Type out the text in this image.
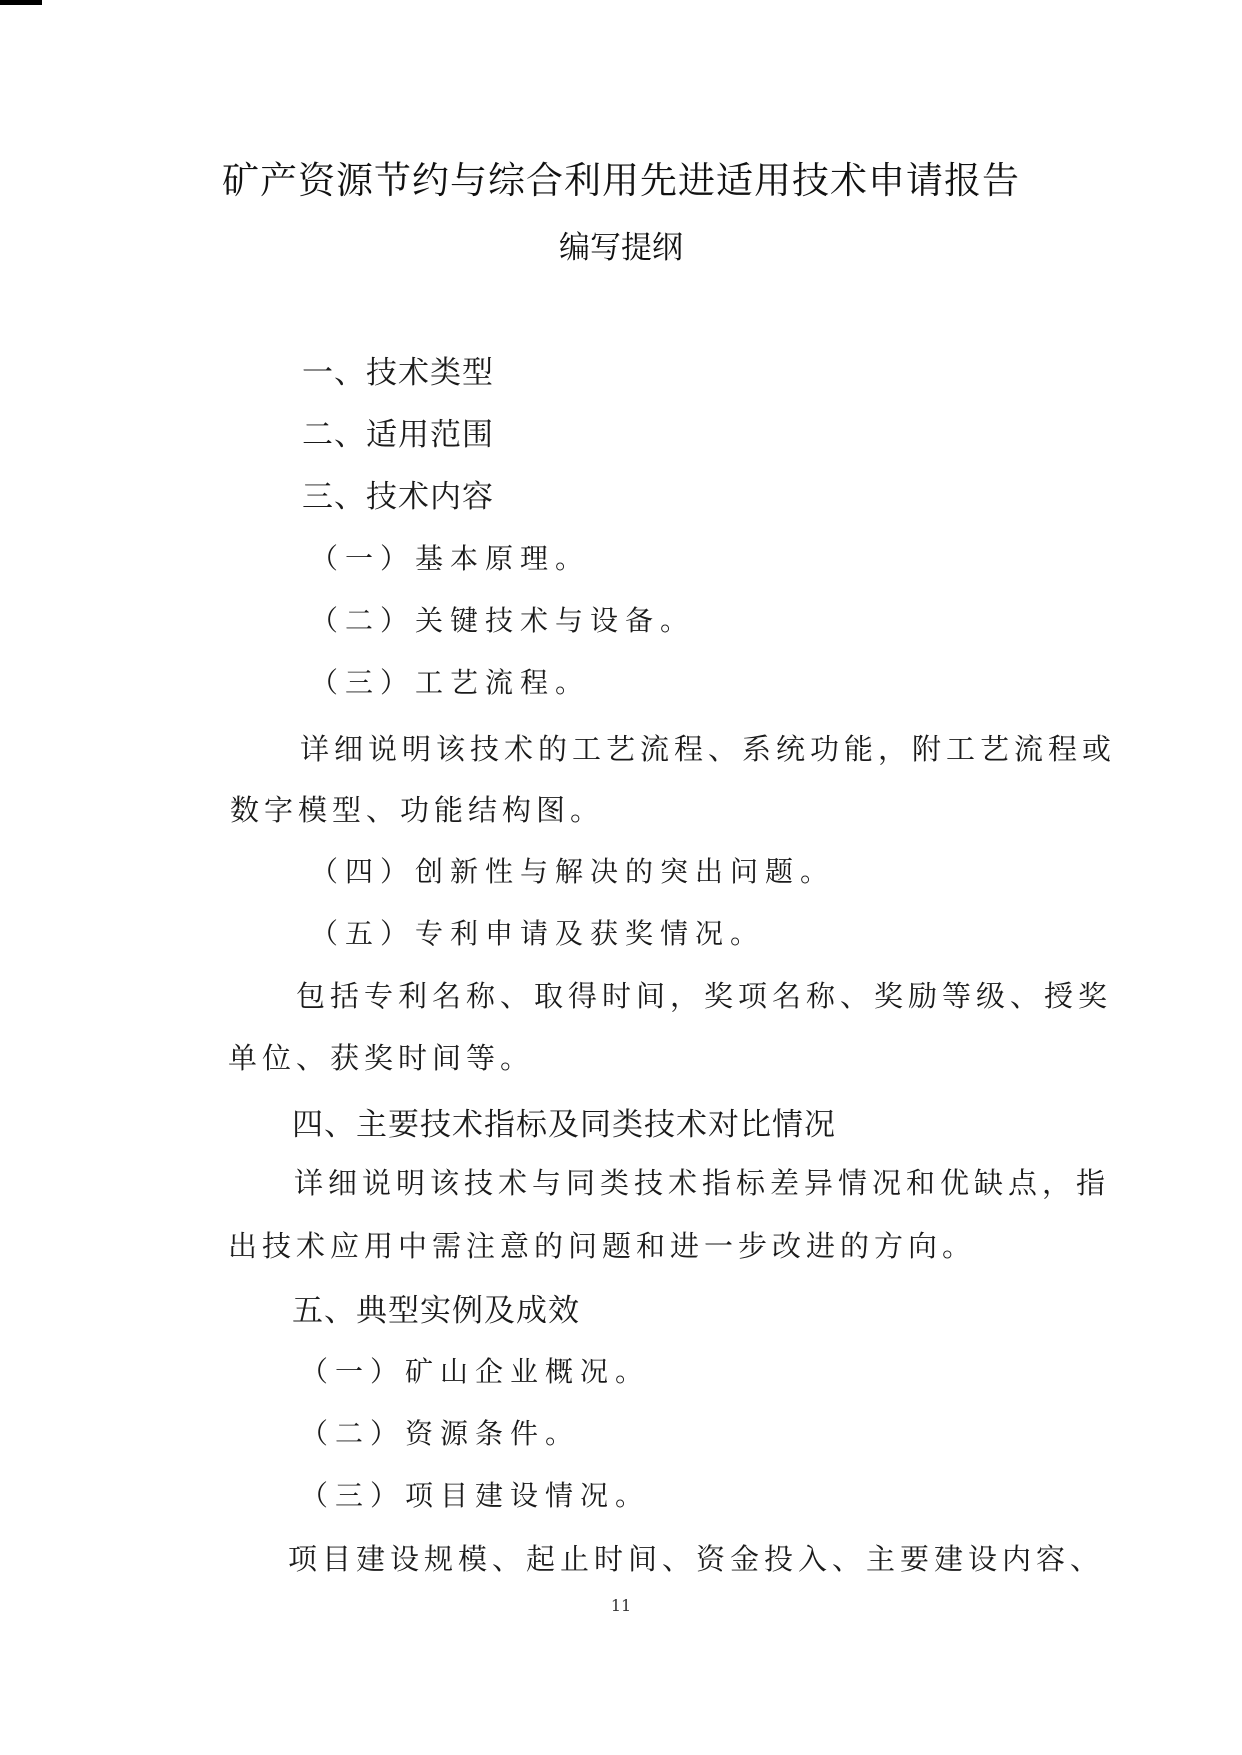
矿产资源节约与综合利用先进适用技术申请报告
编写提纲
一、技术类型
二、适用范围
三、技术内容
（一）基本原理。
（二）关键技术与设备。
（三）工艺流程。
详细说明该技术的工艺流程、系统功能，附工艺流程或
数字模型、功能结构图。
（四）创新性与解决的突出问题。
（五）专利申请及获奖情况。
包括专利名称、取得时间，奖项名称、奖励等级、授奖
单位、获奖时间等。
四、主要技术指标及同类技术对比情况
详细说明该技术与同类技术指标差异情况和优缺点，指
出技术应用中需注意的问题和进一步改进的方向。
五、典型实例及成效
（一）矿山企业概况。
（二）资源条件。
（三）项目建设情况。
项目建设规模、起止时间、资金投入、主要建设内容、
11
